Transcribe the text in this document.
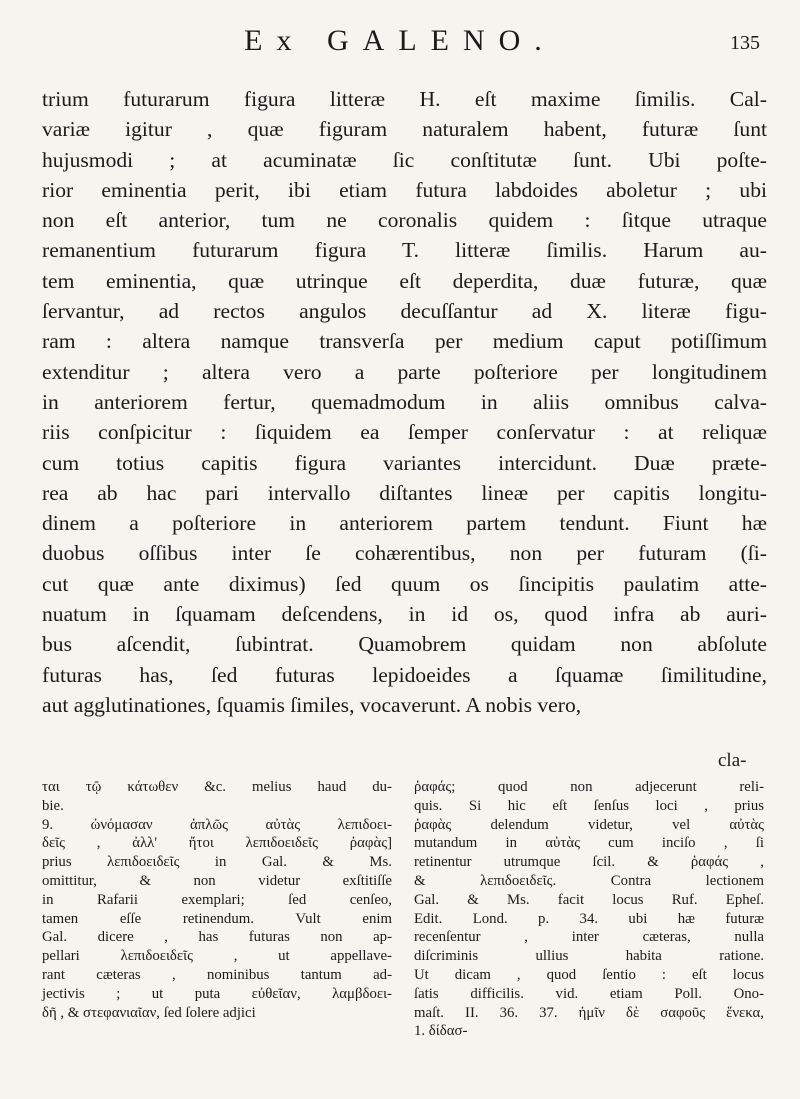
Ex GALENO.	135
trium futurarum figura litteræ H. eſt maxime ſimilis. Cal-
variæ igitur , quæ figuram naturalem habent, futuræ ſunt
hujusmodi ; at acuminatæ ſic conſtitutæ ſunt. Ubi poſte-
rior eminentia perit, ibi etiam futura labdoides aboletur ; ubi
non eſt anterior, tum ne coronalis quidem : ſitque utraque
remanentium futurarum figura T. litteræ ſimilis. Harum au-
tem eminentia, quæ utrinque eſt deperdita, duæ futuræ, quæ
ſervantur, ad rectos angulos decuſſantur ad X. literæ figu-
ram : altera namque transverſa per medium caput potiſſimum
extenditur ; altera vero a parte poſteriore per longitudinem
in anteriorem fertur, quemadmodum in aliis omnibus calva-
riis conſpicitur : ſiquidem ea ſemper conſervatur : at reliquæ
cum totius capitis figura variantes intercidunt. Duæ præte-
rea ab hac pari intervallo diſtantes lineæ per capitis longitu-
dinem a poſteriore in anteriorem partem tendunt. Fiunt hæ
duobus oſſibus inter ſe cohærentibus, non per futuram (ſi-
cut quæ ante diximus) ſed quum os ſincipitis paulatim atte-
nuatum in ſquamam deſcendens, in id os, quod infra ab auri-
bus aſcendit, ſubintrat. Quamobrem quidam non abſolute
futuras has, ſed futuras lepidoeides a ſquamæ ſimilitudine,
aut agglutinationes, ſquamis ſimiles, vocaverunt. A nobis vero,
cla-
ται τῷ κάτωθεν &c. melius haud du-
bie.
9. ὠνόμασαν ἁπλῶς αὐτὰς λεπιδοει-
δεῖς , ἀλλ' ἤτοι λεπιδοειδεῖς ῥαφὰς]
prius λεπιδοειδεῖς in Gal. & Ms.
omittitur, & non videtur exſtitiſſe
in Rafarii exemplari; ſed cenſeo,
tamen eſſe retinendum. Vult enim
Gal. dicere , has futuras non ap-
pellari λεπιδοειδεῖς , ut appellave-
rant cæteras , nominibus tantum ad-
jectivis ; ut puta εὐθεῖαν, λαμβδοει-
δῆ , & στεφανιαῖαν, ſed ſolere adjici
ῥαφάς; quod non adjecerunt reli-
quis. Si hic eſt ſenſus loci , prius
ῥαφὰς delendum videtur, vel αὐτὰς
mutandum in αὐτὰς cum inciſo , ſi
retinentur utrumque ſcil. & ῥαφάς ,
& λεπιδοειδεῖς. Contra lectionem
Gal. & Ms. facit locus Ruf. Epheſ.
Edit. Lond. p. 34. ubi hæ futuræ
recenſentur , inter cæteras, nulla
diſcriminis ullius habita ratione.
Ut dicam , quod ſentio : eſt locus
ſatis difficilis. vid. etiam Poll. Ono-
maſt. II. 36. 37. ἡμῖν δὲ σαφοῦς ἕνεκα,
1. δίδασ-
